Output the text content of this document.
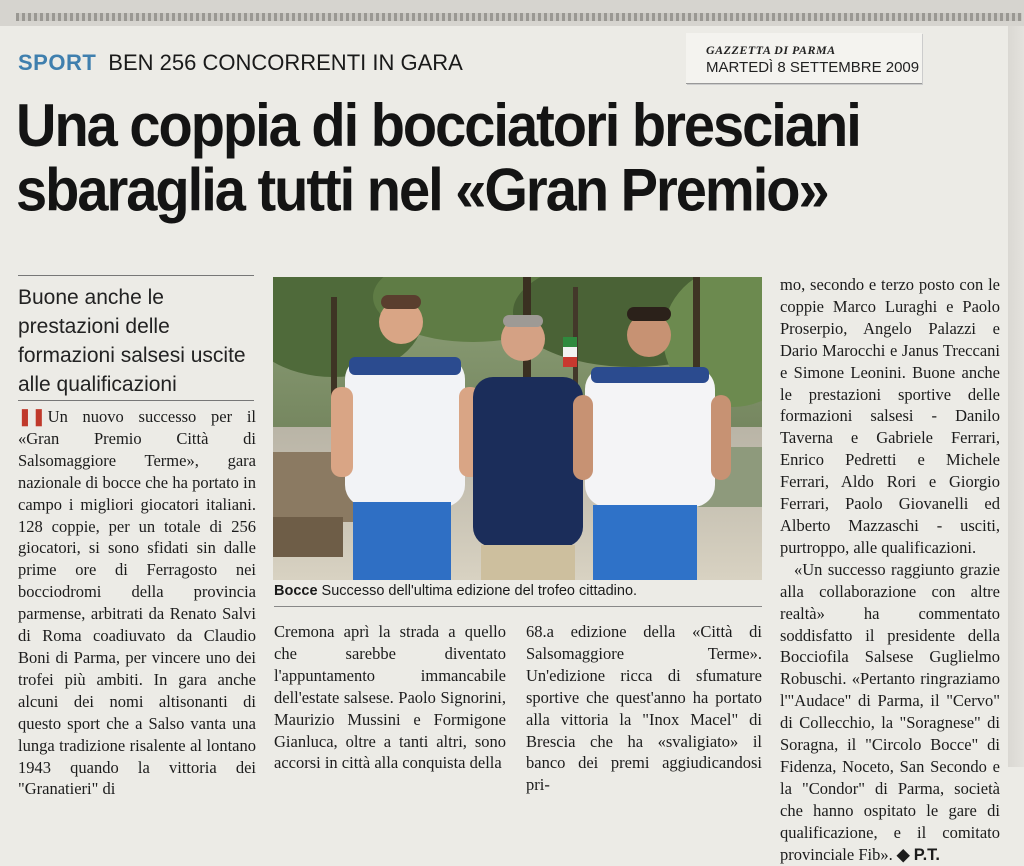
GAZZETTA DI PARMA
MARTEDÌ 8 SETTEMBRE 2009
SPORT BEN 256 CONCORRENTI IN GARA
Una coppia di bocciatori bresciani
sbaraglia tutti nel «Gran Premio»
Buone anche le prestazioni delle formazioni salsesi uscite alle qualificazioni

❚❚ Un nuovo successo per il «Gran Premio Città di Salsomaggiore Terme», gara nazionale di bocce che ha portato in campo i migliori giocatori italiani. 128 coppie, per un totale di 256 giocatori, si sono sfidati sin dalle prime ore di Ferragosto nei bocciodromi della provincia parmense, arbitrati da Renato Salvi di Roma coadiuvato da Claudio Boni di Parma, per vincere uno dei trofei più ambiti. In gara anche alcuni dei nomi altisonanti di questo sport che a Salso vanta una lunga tradizione risalente al lontano 1943 quando la vittoria dei "Granatieri" di

Bocce Successo dell'ultima edizione del trofeo cittadino.

Cremona aprì la strada a quello che sarebbe diventato l'appuntamento immancabile dell'estate salsese. Paolo Signorini, Maurizio Mussini e Formigone Gianluca, oltre a tanti altri, sono accorsi in città alla conquista della

68.a edizione della «Città di Salsomaggiore Terme». Un'edizione ricca di sfumature sportive che quest'anno ha portato alla vittoria la "Inox Macel" di Brescia che ha «svaligiato» il banco dei premi aggiudicandosi pri-

mo, secondo e terzo posto con le coppie Marco Luraghi e Paolo Proserpio, Angelo Palazzi e Dario Marocchi e Janus Treccani e Simone Leonini. Buone anche le prestazioni sportive delle formazioni salsesi - Danilo Taverna e Gabriele Ferrari, Enrico Pedretti e Michele Ferrari, Aldo Rori e Giorgio Ferrari, Paolo Giovanelli ed Alberto Mazzaschi - usciti, purtroppo, alle qualificazioni.

«Un successo raggiunto grazie alla collaborazione con altre realtà» ha commentato soddisfatto il presidente della Bocciofila Salsese Guglielmo Robuschi. «Pertanto ringraziamo l'"Audace" di Parma, il "Cervo" di Collecchio, la "Soragnese" di Soragna, il "Circolo Bocce" di Fidenza, Noceto, San Secondo e la "Condor" di Parma, società che hanno ospitato le gare di qualificazione, e il comitato provinciale Fib». ◆ P.T.
